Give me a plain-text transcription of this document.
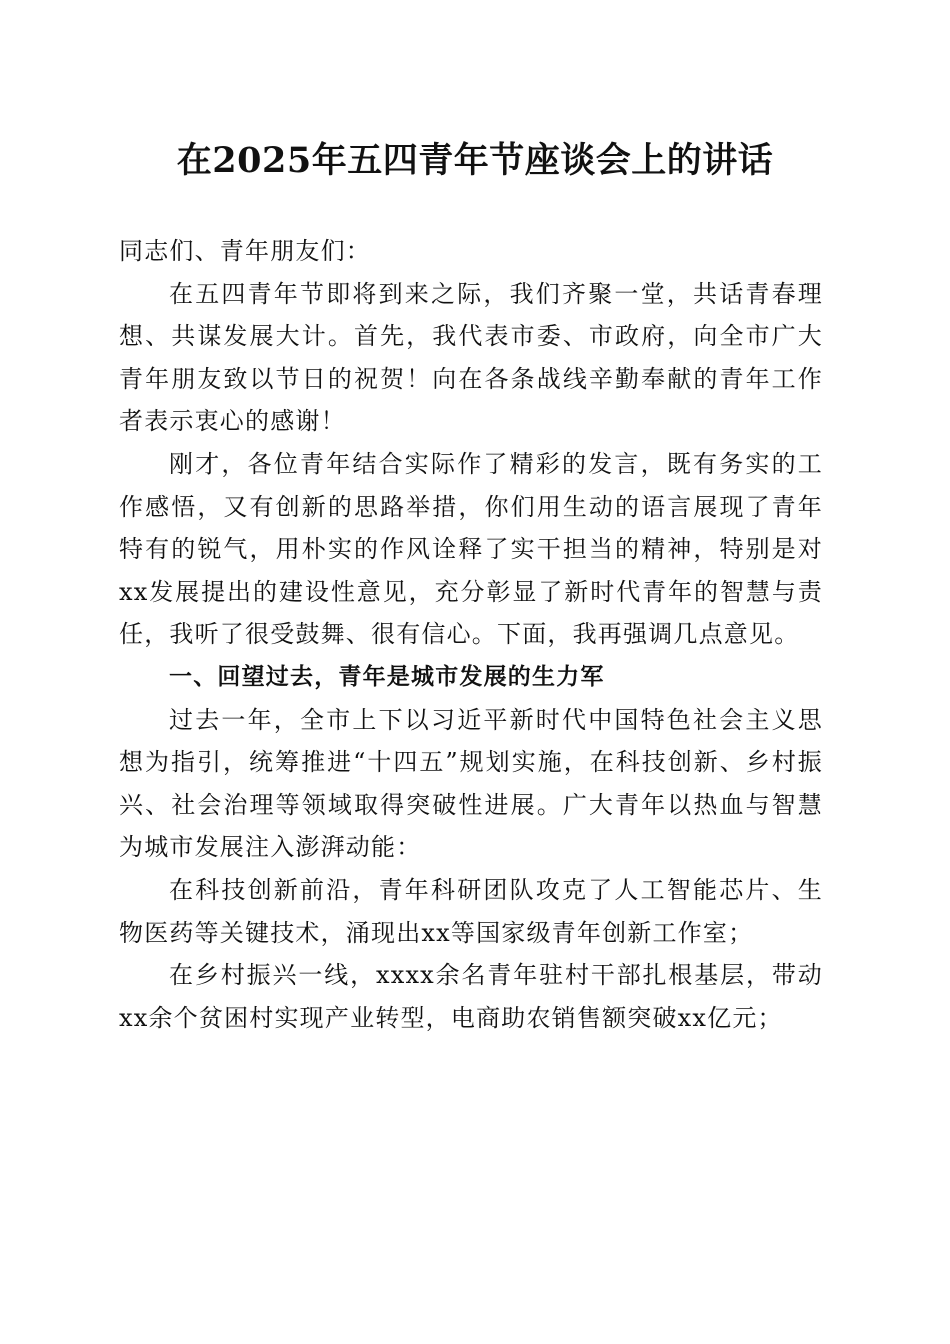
在2025年五四青年节座谈会上的讲话

同志们、青年朋友们：

在五四青年节即将到来之际，我们齐聚一堂，共话青春理想、共谋发展大计。首先，我代表市委、市政府，向全市广大青年朋友致以节日的祝贺！向在各条战线辛勤奉献的青年工作者表示衷心的感谢！

刚才，各位青年结合实际作了精彩的发言，既有务实的工作感悟，又有创新的思路举措，你们用生动的语言展现了青年特有的锐气，用朴实的作风诠释了实干担当的精神，特别是对xx发展提出的建设性意见，充分彰显了新时代青年的智慧与责任，我听了很受鼓舞、很有信心。下面，我再强调几点意见。

一、回望过去，青年是城市发展的生力军

过去一年，全市上下以习近平新时代中国特色社会主义思想为指引，统筹推进“十四五”规划实施，在科技创新、乡村振兴、社会治理等领域取得突破性进展。广大青年以热血与智慧为城市发展注入澎湃动能：

在科技创新前沿，青年科研团队攻克了人工智能芯片、生物医药等关键技术，涌现出xx等国家级青年创新工作室；

在乡村振兴一线，xxxx余名青年驻村干部扎根基层，带动xx余个贫困村实现产业转型，电商助农销售额突破xx亿元；
